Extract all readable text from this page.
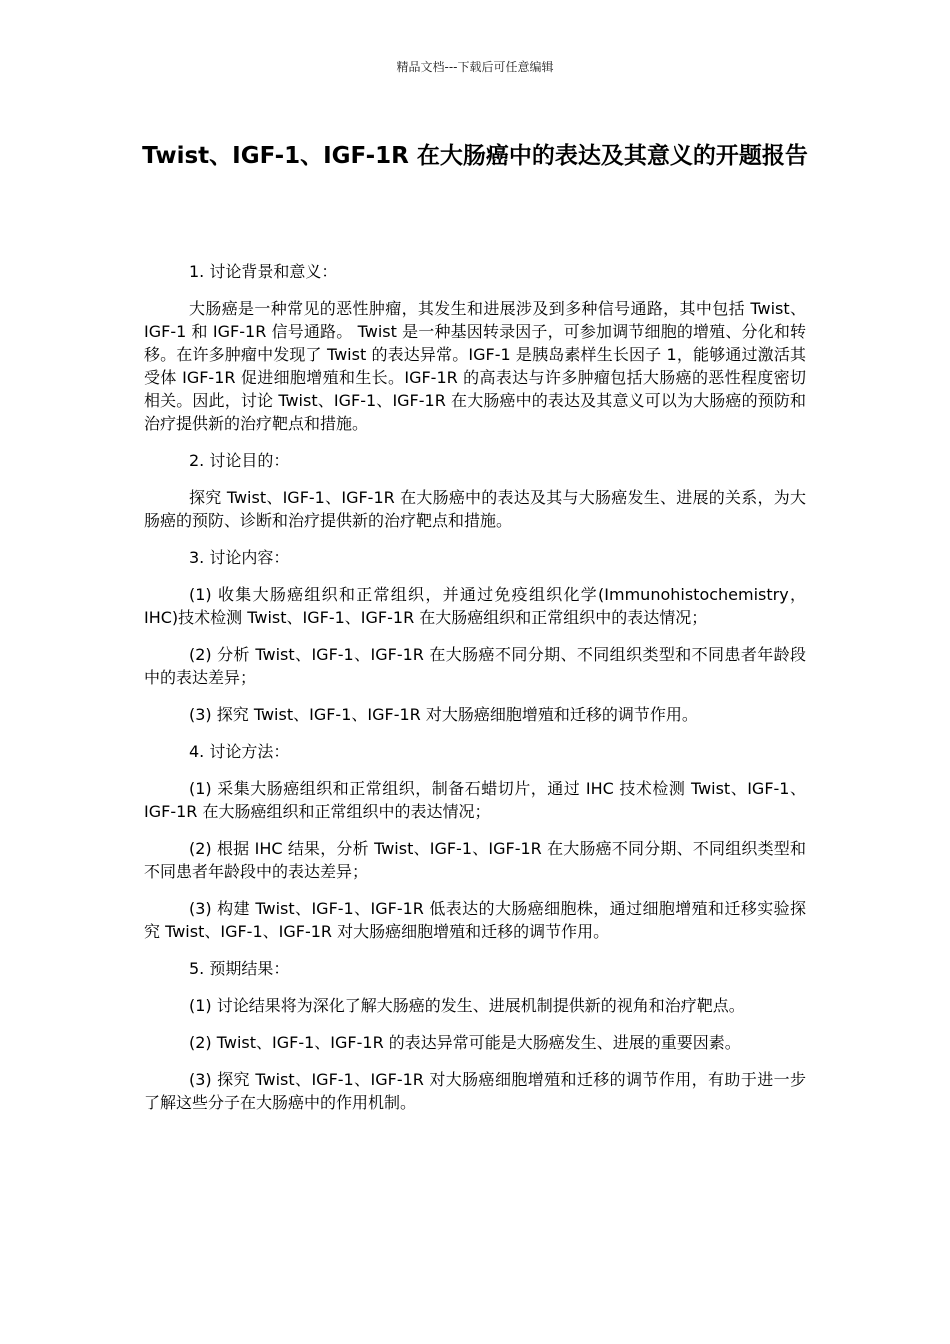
精品文档---下载后可任意编辑
Twist、IGF-1、IGF-1R 在大肠癌中的表达及其意义的开题报告

1. 讨论背景和意义：

大肠癌是一种常见的恶性肿瘤，其发生和进展涉及到多种信号通路，其中包括 Twist、IGF-1 和 IGF-1R 信号通路。 Twist 是一种基因转录因子，可参加调节细胞的增殖、分化和转移。在许多肿瘤中发现了 Twist 的表达异常。IGF-1 是胰岛素样生长因子 1，能够通过激活其受体 IGF-1R 促进细胞增殖和生长。IGF-1R 的高表达与许多肿瘤包括大肠癌的恶性程度密切相关。因此，讨论 Twist、IGF-1、IGF-1R 在大肠癌中的表达及其意义可以为大肠癌的预防和治疗提供新的治疗靶点和措施。

2. 讨论目的：

探究 Twist、IGF-1、IGF-1R 在大肠癌中的表达及其与大肠癌发生、进展的关系，为大肠癌的预防、诊断和治疗提供新的治疗靶点和措施。

3. 讨论内容：

(1) 收集大肠癌组织和正常组织，并通过免疫组织化学(Immunohistochemistry，IHC)技术检测 Twist、IGF-1、IGF-1R 在大肠癌组织和正常组织中的表达情况；

(2) 分析 Twist、IGF-1、IGF-1R 在大肠癌不同分期、不同组织类型和不同患者年龄段中的表达差异；

(3) 探究 Twist、IGF-1、IGF-1R 对大肠癌细胞增殖和迁移的调节作用。

4. 讨论方法：

(1) 采集大肠癌组织和正常组织，制备石蜡切片，通过 IHC 技术检测 Twist、IGF-1、IGF-1R 在大肠癌组织和正常组织中的表达情况；

(2) 根据 IHC 结果，分析 Twist、IGF-1、IGF-1R 在大肠癌不同分期、不同组织类型和不同患者年龄段中的表达差异；

(3) 构建 Twist、IGF-1、IGF-1R 低表达的大肠癌细胞株，通过细胞增殖和迁移实验探究 Twist、IGF-1、IGF-1R 对大肠癌细胞增殖和迁移的调节作用。

5. 预期结果：

(1) 讨论结果将为深化了解大肠癌的发生、进展机制提供新的视角和治疗靶点。

(2) Twist、IGF-1、IGF-1R 的表达异常可能是大肠癌发生、进展的重要因素。

(3) 探究 Twist、IGF-1、IGF-1R 对大肠癌细胞增殖和迁移的调节作用，有助于进一步了解这些分子在大肠癌中的作用机制。
